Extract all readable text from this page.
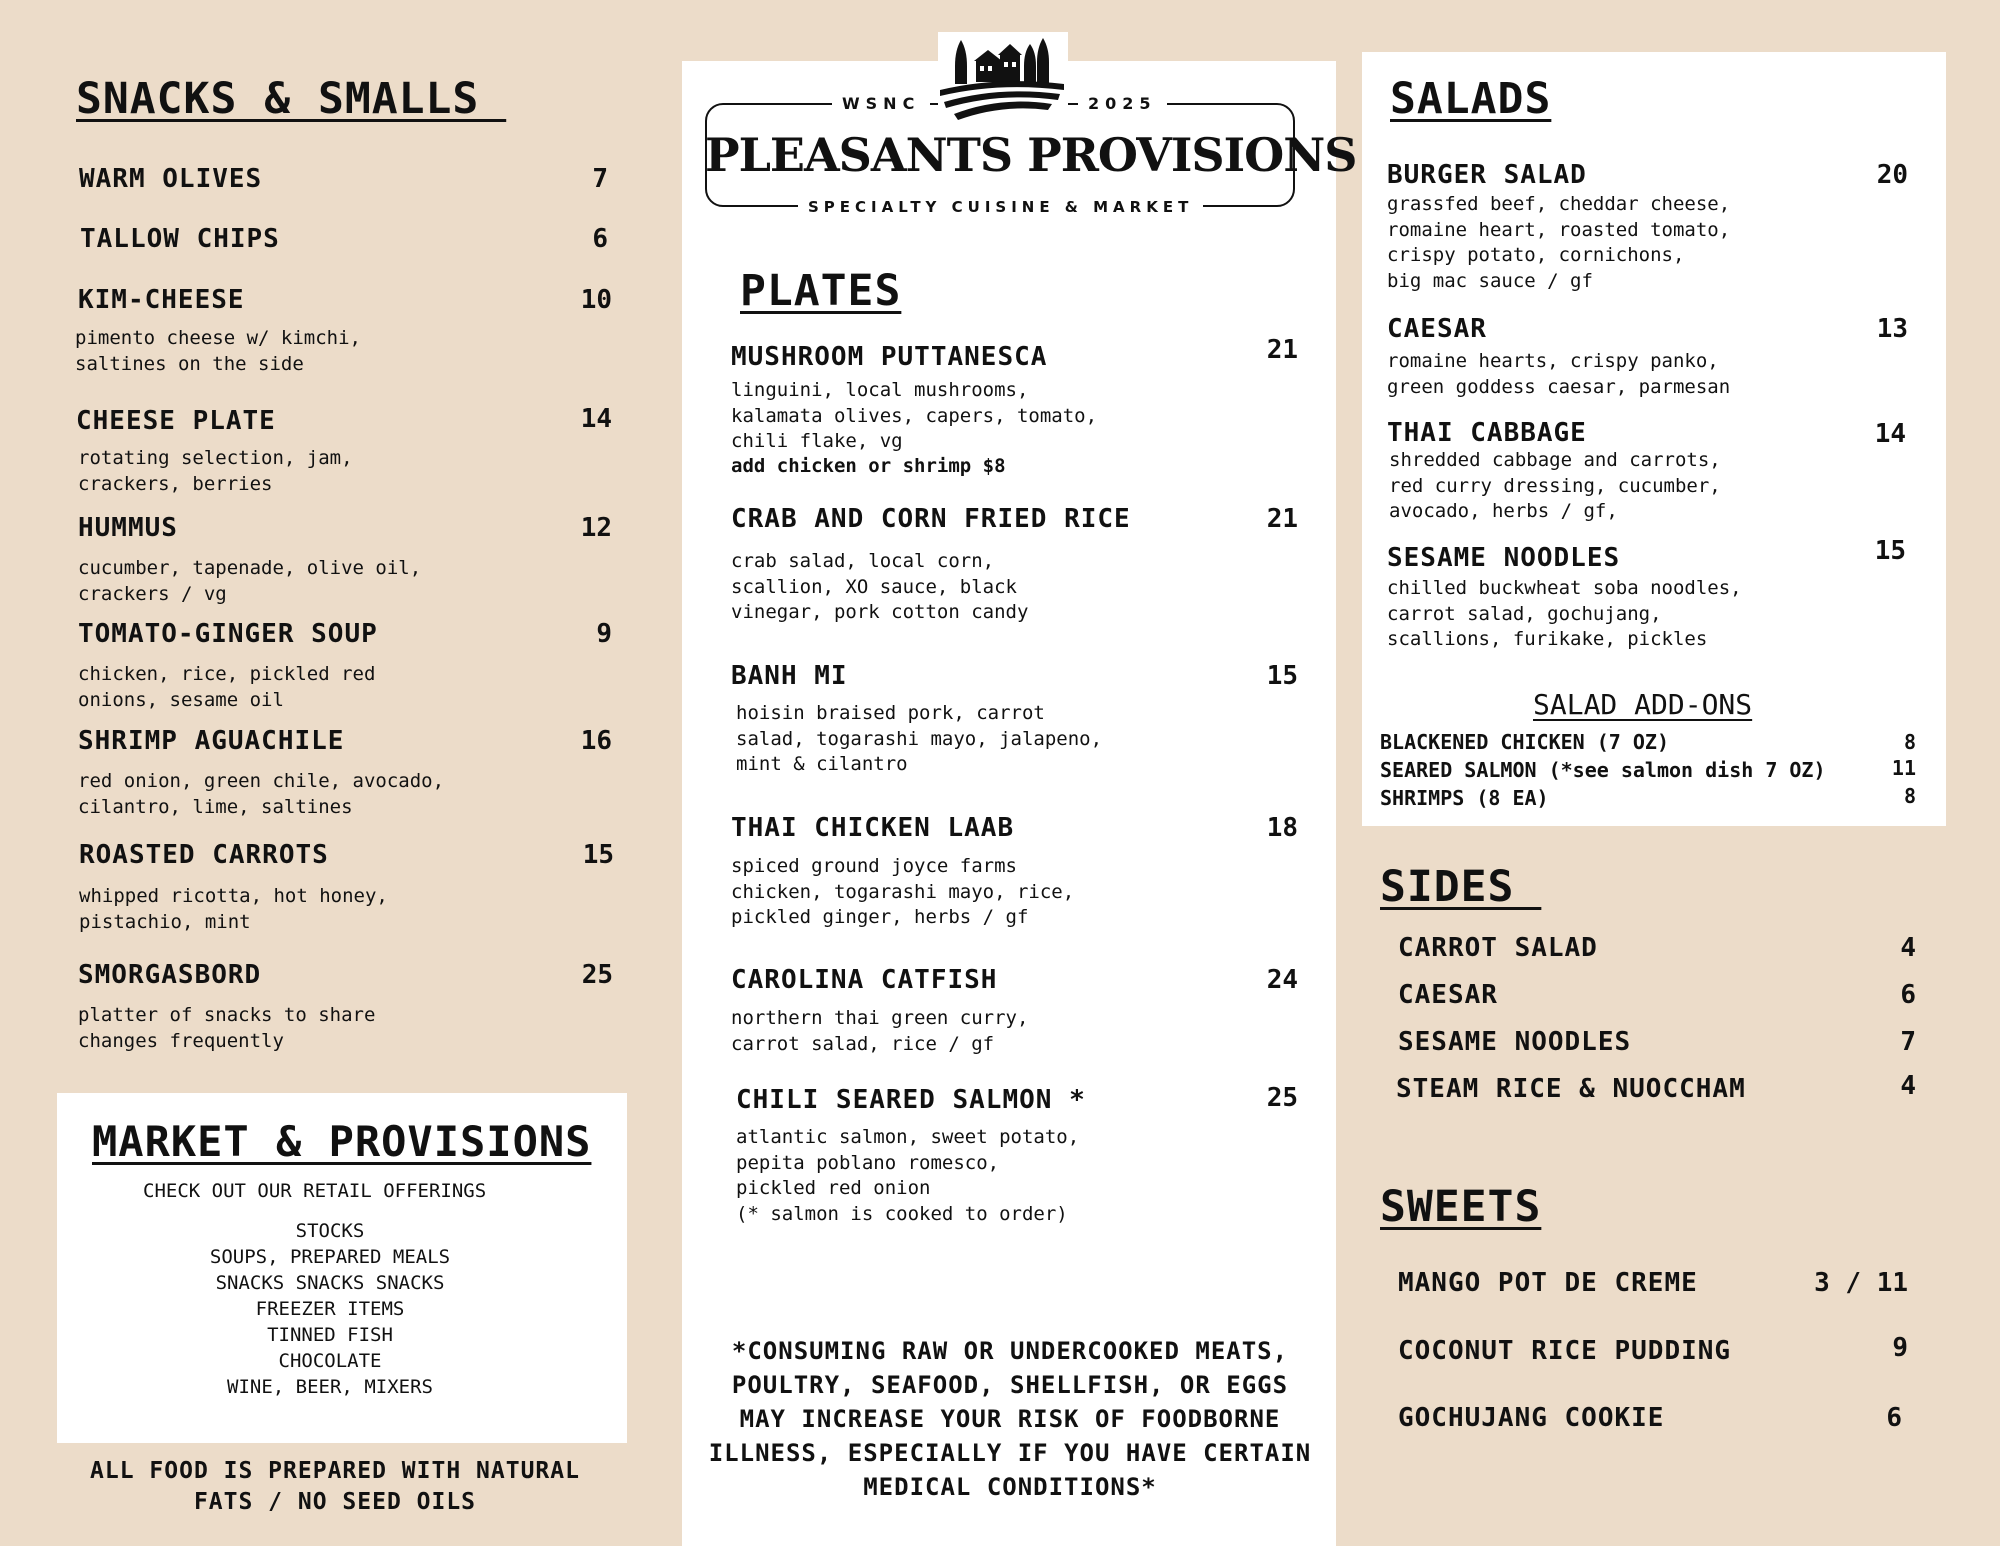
SNACKS & SMALLS
WARM OLIVES	7
TALLOW CHIPS	6
KIM-CHEESE	10
pimento cheese w/ kimchi,
saltines on the side
CHEESE PLATE	14
rotating selection, jam,
crackers, berries
HUMMUS	12
cucumber, tapenade, olive oil,
crackers / vg
TOMATO-GINGER SOUP	9
chicken, rice, pickled red
onions, sesame oil
SHRIMP AGUACHILE	16
red onion, green chile, avocado,
cilantro, lime, saltines
ROASTED CARROTS	15
whipped ricotta, hot honey,
pistachio, mint
SMORGASBORD	25
platter of snacks to share
changes frequently
MARKET & PROVISIONS
CHECK OUT OUR RETAIL OFFERINGS
STOCKS
SOUPS, PREPARED MEALS
SNACKS SNACKS SNACKS
FREEZER ITEMS
TINNED FISH
CHOCOLATE
WINE, BEER, MIXERS
ALL FOOD IS PREPARED WITH NATURAL
FATS / NO SEED OILS
PLEASANTS PROVISIONS
WSNC	2025
SPECIALTY CUISINE & MARKET
PLATES
MUSHROOM PUTTANESCA	21
linguini, local mushrooms,
kalamata olives, capers, tomato,
chili flake, vg
add chicken or shrimp $8
CRAB AND CORN FRIED RICE	21
crab salad, local corn,
scallion, XO sauce, black
vinegar, pork cotton candy
BANH MI	15
hoisin braised pork, carrot
salad, togarashi mayo, jalapeno,
mint & cilantro
THAI CHICKEN LAAB	18
spiced ground joyce farms
chicken, togarashi mayo, rice,
pickled ginger, herbs / gf
CAROLINA CATFISH	24
northern thai green curry,
carrot salad, rice / gf
CHILI SEARED SALMON *	25
atlantic salmon, sweet potato,
pepita poblano romesco,
pickled red onion
(* salmon is cooked to order)
*CONSUMING RAW OR UNDERCOOKED MEATS,
POULTRY, SEAFOOD, SHELLFISH, OR EGGS
MAY INCREASE YOUR RISK OF FOODBORNE
ILLNESS, ESPECIALLY IF YOU HAVE CERTAIN
MEDICAL CONDITIONS*
SALADS
BURGER SALAD	20
grassfed beef, cheddar cheese,
romaine heart, roasted tomato,
crispy potato, cornichons,
big mac sauce / gf
CAESAR	13
romaine hearts, crispy panko,
green goddess caesar, parmesan
THAI CABBAGE	14
shredded cabbage and carrots,
red curry dressing, cucumber,
avocado, herbs / gf,
SESAME NOODLES	15
chilled buckwheat soba noodles,
carrot salad, gochujang,
scallions, furikake, pickles
SALAD ADD-ONS
BLACKENED CHICKEN (7 OZ)	8
SEARED SALMON (*see salmon dish 7 OZ)	11
SHRIMPS (8 EA)	8
SIDES
CARROT SALAD	4
CAESAR	6
SESAME NOODLES	7
STEAM RICE & NUOCCHAM	4
SWEETS
MANGO POT DE CREME	3 / 11
COCONUT RICE PUDDING	9
GOCHUJANG COOKIE	6
